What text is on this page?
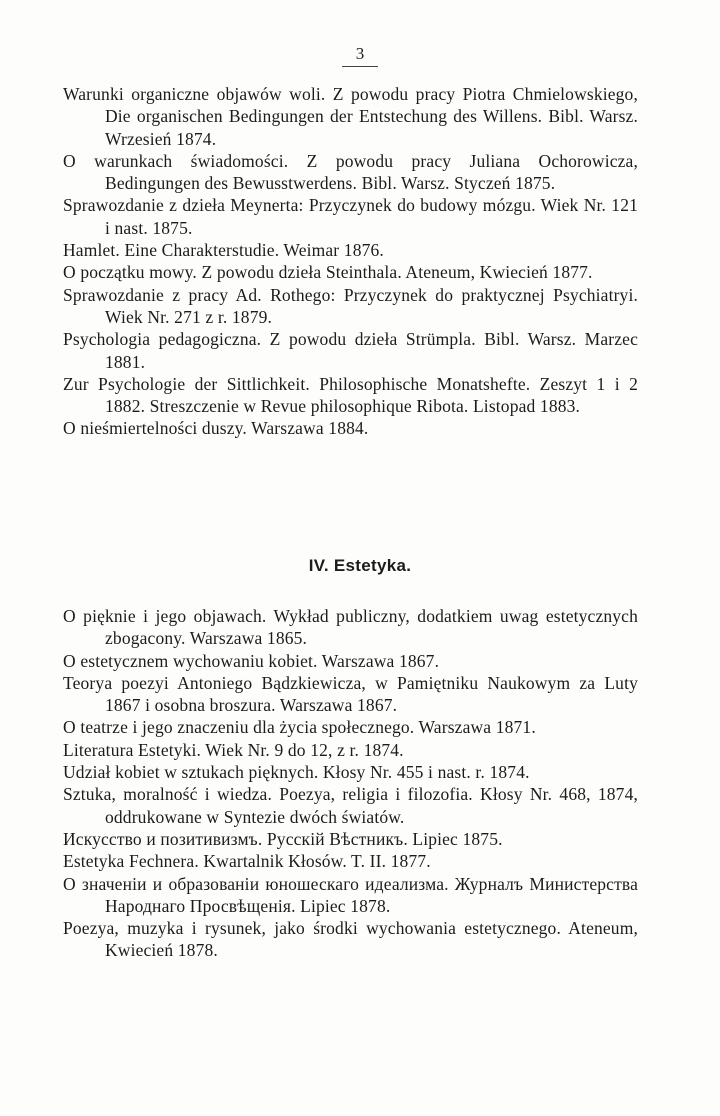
3
Warunki organiczne objawów woli. Z powodu pracy Piotra Chmielowskiego, Die organischen Bedingungen der Entstechung des Willens. Bibl. Warsz. Wrzesień 1874.
O warunkach świadomości. Z powodu pracy Juliana Ochorowicza, Bedingungen des Bewusstwerdens. Bibl. Warsz. Styczeń 1875.
Sprawozdanie z dzieła Meynerta: Przyczynek do budowy mózgu. Wiek Nr. 121 i nast. 1875.
Hamlet. Eine Charakterstudie. Weimar 1876.
O początku mowy. Z powodu dzieła Steinthala. Ateneum, Kwiecień 1877.
Sprawozdanie z pracy Ad. Rothego: Przyczynek do praktycznej Psychiatryi. Wiek Nr. 271 z r. 1879.
Psychologia pedagogiczna. Z powodu dzieła Strümpla. Bibl. Warsz. Marzec 1881.
Zur Psychologie der Sittlichkeit. Philosophische Monatshefte. Zeszyt 1 i 2 1882. Streszczenie w Revue philosophique Ribota. Listopad 1883.
O nieśmiertelności duszy. Warszawa 1884.
IV. Estetyka.
O pięknie i jego objawach. Wykład publiczny, dodatkiem uwag estetycznych zbogacony. Warszawa 1865.
O estetycznem wychowaniu kobiet. Warszawa 1867.
Teorya poezyi Antoniego Bądzkiewicza, w Pamiętniku Naukowym za Luty 1867 i osobna broszura. Warszawa 1867.
O teatrze i jego znaczeniu dla życia społecznego. Warszawa 1871.
Literatura Estetyki. Wiek Nr. 9 do 12, z r. 1874.
Udział kobiet w sztukach pięknych. Kłosy Nr. 455 i nast. r. 1874.
Sztuka, moralność i wiedza. Poezya, religia i filozofia. Kłosy Nr. 468, 1874, oddrukowane w Syntezie dwóch światów.
Искусство и позитивизмъ. Русскій Вѣстникъ. Lipiec 1875.
Estetyka Fechnera. Kwartalnik Kłosów. T. II. 1877.
О значеніи и образованіи юношескаго идеализма. Журналъ Министерства Народнаго Просвѣщенія. Lipiec 1878.
Poezya, muzyka i rysunek, jako środki wychowania estetycznego. Ateneum, Kwiecień 1878.
